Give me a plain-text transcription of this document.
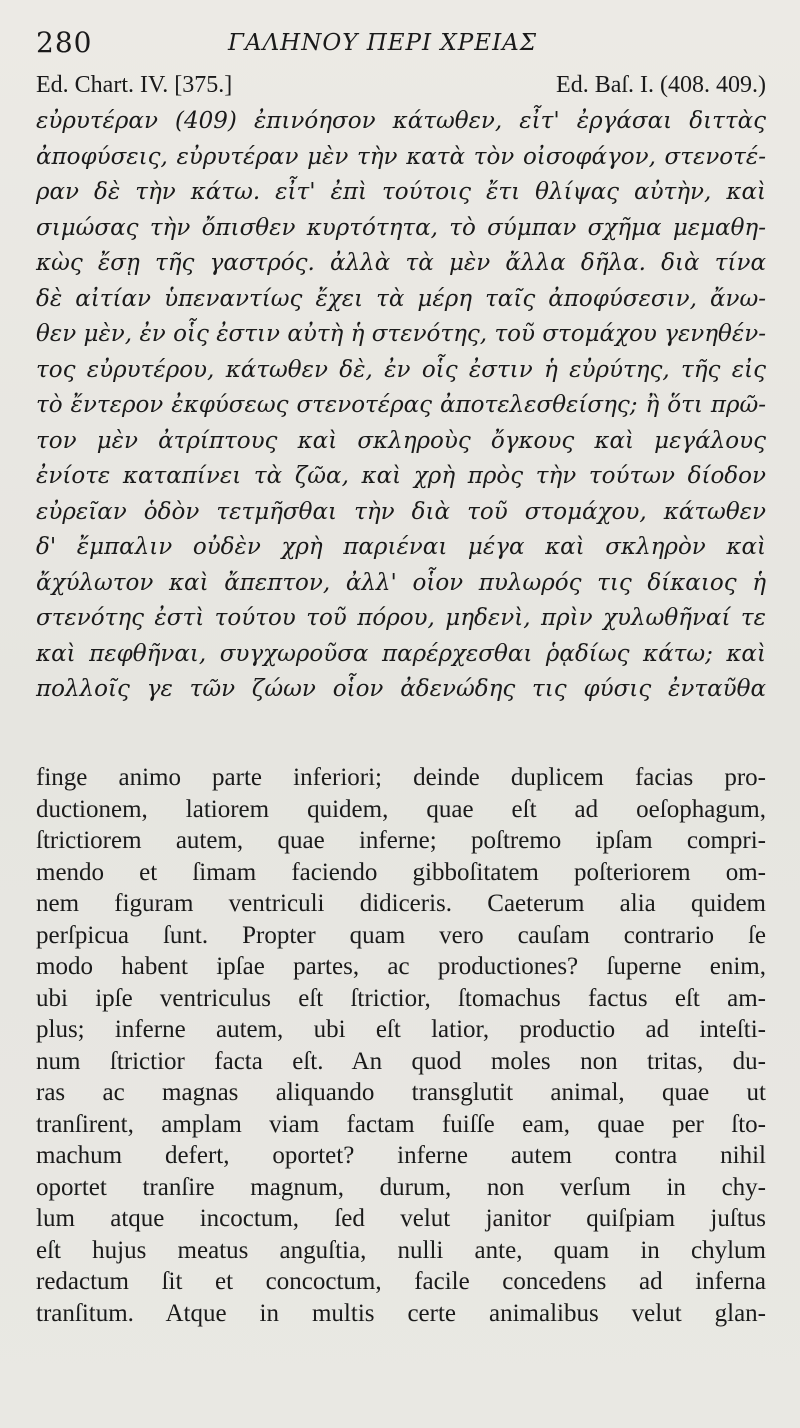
280	ΓΑΛΗΝΟΥ ΠΕΡΙ ΧΡΕΙΑΣ
Ed. Chart. IV. [375.]	Ed. Baſ. I. (408. 409.)
εὐρυτέραν (409) ἐπινόησον κάτωθεν, εἶτ' ἐργάσαι διττὰς
ἀποφύσεις, εὐρυτέραν μὲν τὴν κατὰ τὸν οἰσοφάγον, στενοτέ-
ραν δὲ τὴν κάτω. εἶτ' ἐπὶ τούτοις ἔτι θλίψας αὐτὴν, καὶ
σιμώσας τὴν ὄπισθεν κυρτότητα, τὸ σύμπαν σχῆμα μεμαθη-
κὼς ἔσῃ τῆς γαστρός. ἀλλὰ τὰ μὲν ἄλλα δῆλα. διὰ τίνα
δὲ αἰτίαν ὑπεναντίως ἔχει τὰ μέρη ταῖς ἀποφύσεσιν, ἄνω-
θεν μὲν, ἐν οἷς ἐστιν αὐτὴ ἡ στενότης, τοῦ στομάχου γενηθέν-
τος εὐρυτέρου, κάτωθεν δὲ, ἐν οἷς ἐστιν ἡ εὐρύτης, τῆς εἰς
τὸ ἔντερον ἐκφύσεως στενοτέρας ἀποτελεσθείσης; ἢ ὅτι πρῶ-
τον μὲν ἀτρίπτους καὶ σκληροὺς ὄγκους καὶ μεγάλους
ἐνίοτε καταπίνει τὰ ζῶα, καὶ χρὴ πρὸς τὴν τούτων δίοδον
εὐρεῖαν ὁδὸν τετμῆσθαι τὴν διὰ τοῦ στομάχου, κάτωθεν
δ' ἔμπαλιν οὐδὲν χρὴ παριέναι μέγα καὶ σκληρὸν καὶ
ἄχύλωτον καὶ ἄπεπτον, ἀλλ' οἷον πυλωρός τις δίκαιος ἡ
στενότης ἐστὶ τούτου τοῦ πόρου, μηδενὶ, πρὶν χυλωθῆναί τε
καὶ πεφθῆναι, συγχωροῦσα παρέρχεσθαι ῥᾳδίως κάτω; καὶ
πολλοῖς γε τῶν ζώων οἷον ἀδενώδης τις φύσις ἐνταῦθα
finge animo parte inferiori; deinde duplicem facias pro-
ductionem, latiorem quidem, quae eſt ad oeſophagum,
ſtrictiorem autem, quae inferne; poſtremo ipſam compri-
mendo et ſimam faciendo gibboſitatem poſteriorem om-
nem figuram ventriculi didiceris. Caeterum alia quidem
perſpicua ſunt. Propter quam vero cauſam contrario ſe
modo habent ipſae partes, ac productiones? ſuperne enim,
ubi ipſe ventriculus eſt ſtrictior, ſtomachus factus eſt am-
plus; inferne autem, ubi eſt latior, productio ad inteſti-
num ſtrictior facta eſt. An quod moles non tritas, du-
ras ac magnas aliquando transglutit animal, quae ut
tranſirent, amplam viam factam fuiſſe eam, quae per ſto-
machum defert, oportet? inferne autem contra nihil
oportet tranſire magnum, durum, non verſum in chy-
lum atque incoctum, ſed velut janitor quiſpiam juſtus
eſt hujus meatus anguſtia, nulli ante, quam in chylum
redactum ſit et concoctum, facile concedens ad inferna
tranſitum. Atque in multis certe animalibus velut glan-
